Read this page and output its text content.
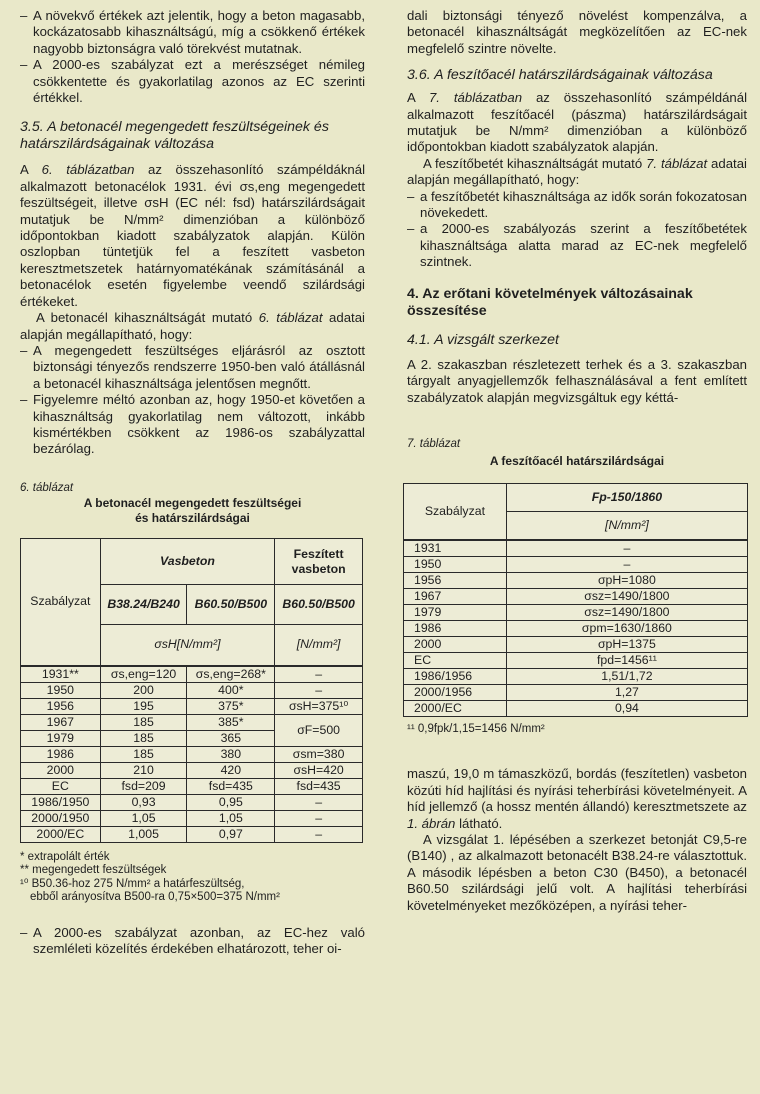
– A növekvő értékek azt jelentik, hogy a beton magasabb, kockázatosabb kihasználtságú, míg a csökkenő értékek nagyobb biztonságra való törekvést mutatnak.
– A 2000-es szabályzat ezt a merészséget némileg csökkentette és gyakorlatilag azonos az EC szerinti értékkel.
3.5. A betonacél megengedett feszültségeinek és határszilárdságainak változása

A 6. táblázatban az összehasonlító számpéldáknál alkalmazott betonacélok 1931. évi σs,eng megengedett feszültségeit, illetve σsH (EC nél: fsd) határszilárdságait mutatjuk be N/mm² dimenzióban a különböző időpontokban kiadott szabályzatok alapján. Külön oszlopban tüntetjük fel a feszített vasbeton keresztmetszetek határnyomatékának számításánál a betonacélok esetén figyelembe veendő szilárdsági értékeket.

A betonacél kihasználtságát mutató 6. táblázat adatai alapján megállapítható, hogy:

– A megengedett feszültséges eljárásról az osztott biztonsági tényezős rendszerre 1950-ben való átállásnál a betonacél kihasználtsága jelentősen megnőtt.
– Figyelemre méltó azonban az, hogy 1950-et követően a kihasználtság gyakorlatilag nem változott, inkább kismértékben csökkent az 1986-os szabályzattal bezárólag.
6. táblázat
A betonacél megengedett feszültségei
és határszilárdságai
Szabályzat	Vasbeton		Feszített vasbeton
	B38.24/B240	B60.50/B500	B60.50/B500
	σsH[N/mm²]		[N/mm²]
1931**	σs,eng=120	σs,eng=268*	–
1950	200	400*	–
1956	195	375*	σsH=375¹⁰
1967	185	385*	σF=500
1979	185	365	
1986	185	380	σsm=380
2000	210	420	σsH=420
EC	fsd=209	fsd=435	fsd=435
1986/1950	0,93	0,95	–
2000/1950	1,05	1,05	–
2000/EC	1,005	0,97	–
* extrapolált érték
** megengedett feszültségek
¹⁰ B50.36-hoz 275 N/mm² a határfeszültség,
ebből arányosítva B500-ra 0,75×500=375 N/mm²
– A 2000-es szabályzat azonban, az EC-hez való szemléleti közelítés érdekében elhatározott, teher oi-

dali biztonsági tényező növelést kompenzálva, a betonacél kihasználtságát megközelítően az EC-nek megfelelő szintre növelte.

3.6. A feszítőacél határszilárdságainak változása

A 7. táblázatban az összehasonlító számpéldánál alkalmazott feszítőacél (pászma) határszilárdságait mutatjuk be N/mm² dimenzióban a különböző időpontokban kiadott szabályzatok alapján.

A feszítőbetét kihasználtságát mutató 7. táblázat adatai alapján megállapítható, hogy:

– a feszítőbetét kihasználtsága az idők során fokozatosan növekedett.
– a 2000-es szabályozás szerint a feszítőbetétek kihasználtsága alatta marad az EC-nek megfelelő szintnek.
4. Az erőtani követelmények változásainak összesítése
4.1. A vizsgált szerkezet

A 2. szakaszban részletezett terhek és a 3. szakaszban tárgyalt anyagjellemzők felhasználásával a fent említett szabályzatok alapján megvizsgáltuk egy kéttá-

7. táblázat
A feszítőacél határszilárdságai
Szabályzat	Fp-150/1860
	[N/mm²]
1931	–
1950	–
1956	σpH=1080
1967	σsz=1490/1800
1979	σsz=1490/1800
1986	σpm=1630/1860
2000	σpH=1375
EC	fpd=1456¹¹
1986/1956	1,51/1,72
2000/1956	1,27
2000/EC	0,94
¹¹ 0,9fpk/1,15=1456 N/mm²

maszú, 19,0 m támaszközű, bordás (feszítetlen) vasbeton közúti híd hajlítási és nyírási teherbírási követelményeit. A híd jellemző (a hossz mentén állandó) keresztmetszete az 1. ábrán látható.

A vizsgálat 1. lépésében a szerkezet betonját C9,5-re (B140) , az alkalmazott betonacélt B38.24-re választottuk. A második lépésben a beton C30 (B450), a betonacél B60.50 szilárdsági jelű volt. A hajlítási teherbírási követelményeket mezőközépen, a nyírási teher-
